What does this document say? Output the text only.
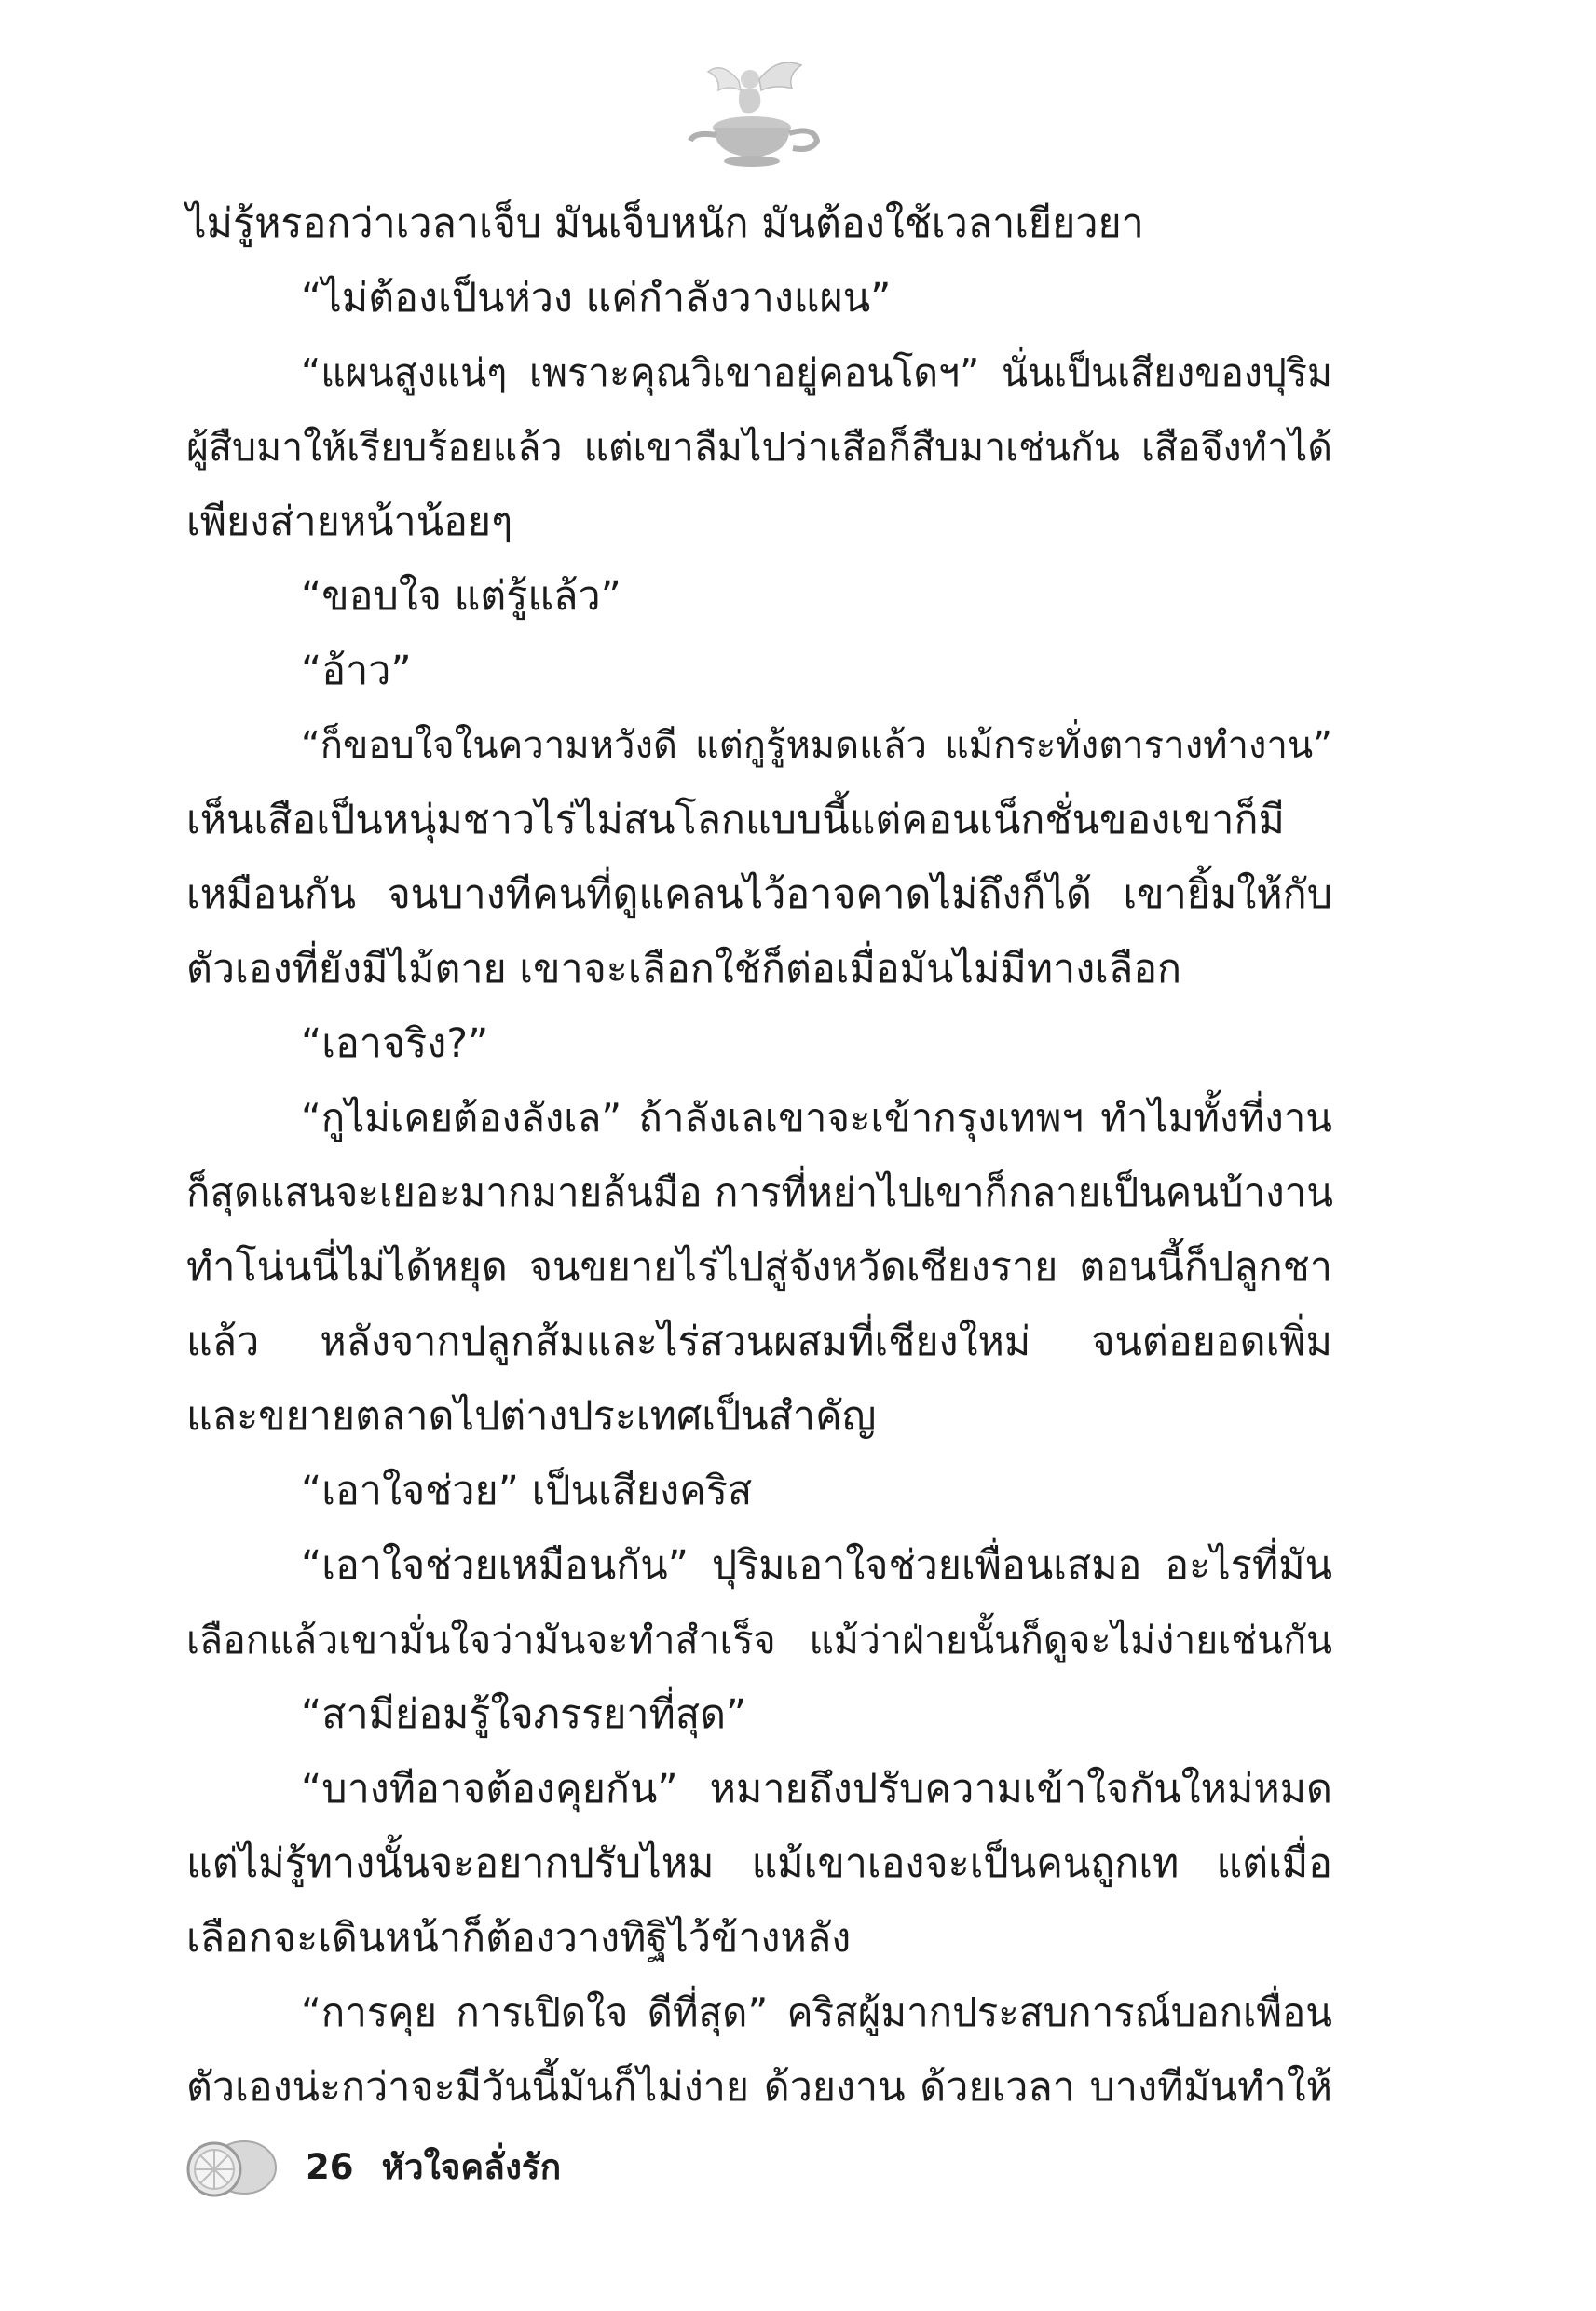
ไม่รู้หรอกว่าเวลาเจ็บ มันเจ็บหนัก มันต้องใช้เวลาเยียวยา
“ไม่ต้องเป็นห่วง แค่กำลังวางแผน”
“แผนสูงแน่ๆ เพราะคุณวิเขาอยู่คอนโดฯ” นั่นเป็นเสียงของปุริม
ผู้สืบมาให้เรียบร้อยแล้ว แต่เขาลืมไปว่าเสือก็สืบมาเช่นกัน เสือจึงทำได้
เพียงส่ายหน้าน้อยๆ
“ขอบใจ แต่รู้แล้ว”
“อ้าว”
“ก็ขอบใจในความหวังดี แต่กูรู้หมดแล้ว แม้กระทั่งตารางทำงาน”
เห็นเสือเป็นหนุ่มชาวไร่ไม่สนโลกแบบนี้แต่คอนเน็กชั่นของเขาก็มี
เหมือนกัน จนบางทีคนที่ดูแคลนไว้อาจคาดไม่ถึงก็ได้ เขายิ้มให้กับ
ตัวเองที่ยังมีไม้ตาย เขาจะเลือกใช้ก็ต่อเมื่อมันไม่มีทางเลือก
“เอาจริง?”
“กูไม่เคยต้องลังเล” ถ้าลังเลเขาจะเข้ากรุงเทพฯ ทำไมทั้งที่งาน
ก็สุดแสนจะเยอะมากมายล้นมือ การที่หย่าไปเขาก็กลายเป็นคนบ้างาน
ทำโน่นนี่ไม่ได้หยุด จนขยายไร่ไปสู่จังหวัดเชียงราย ตอนนี้ก็ปลูกชา
แล้ว หลังจากปลูกส้มและไร่สวนผสมที่เชียงใหม่ จนต่อยอดเพิ่ม
และขยายตลาดไปต่างประเทศเป็นสำคัญ
“เอาใจช่วย” เป็นเสียงคริส
“เอาใจช่วยเหมือนกัน” ปุริมเอาใจช่วยเพื่อนเสมอ อะไรที่มัน
เลือกแล้วเขามั่นใจว่ามันจะทำสำเร็จ แม้ว่าฝ่ายนั้นก็ดูจะไม่ง่ายเช่นกัน
“สามีย่อมรู้ใจภรรยาที่สุด”
“บางทีอาจต้องคุยกัน” หมายถึงปรับความเข้าใจกันใหม่หมด
แต่ไม่รู้ทางนั้นจะอยากปรับไหม แม้เขาเองจะเป็นคนถูกเท แต่เมื่อ
เลือกจะเดินหน้าก็ต้องวางทิฐิไว้ข้างหลัง
“การคุย การเปิดใจ ดีที่สุด” คริสผู้มากประสบการณ์บอกเพื่อน
ตัวเองน่ะกว่าจะมีวันนี้มันก็ไม่ง่าย ด้วยงาน ด้วยเวลา บางทีมันทำให้
26 หัวใจคลั่งรัก
